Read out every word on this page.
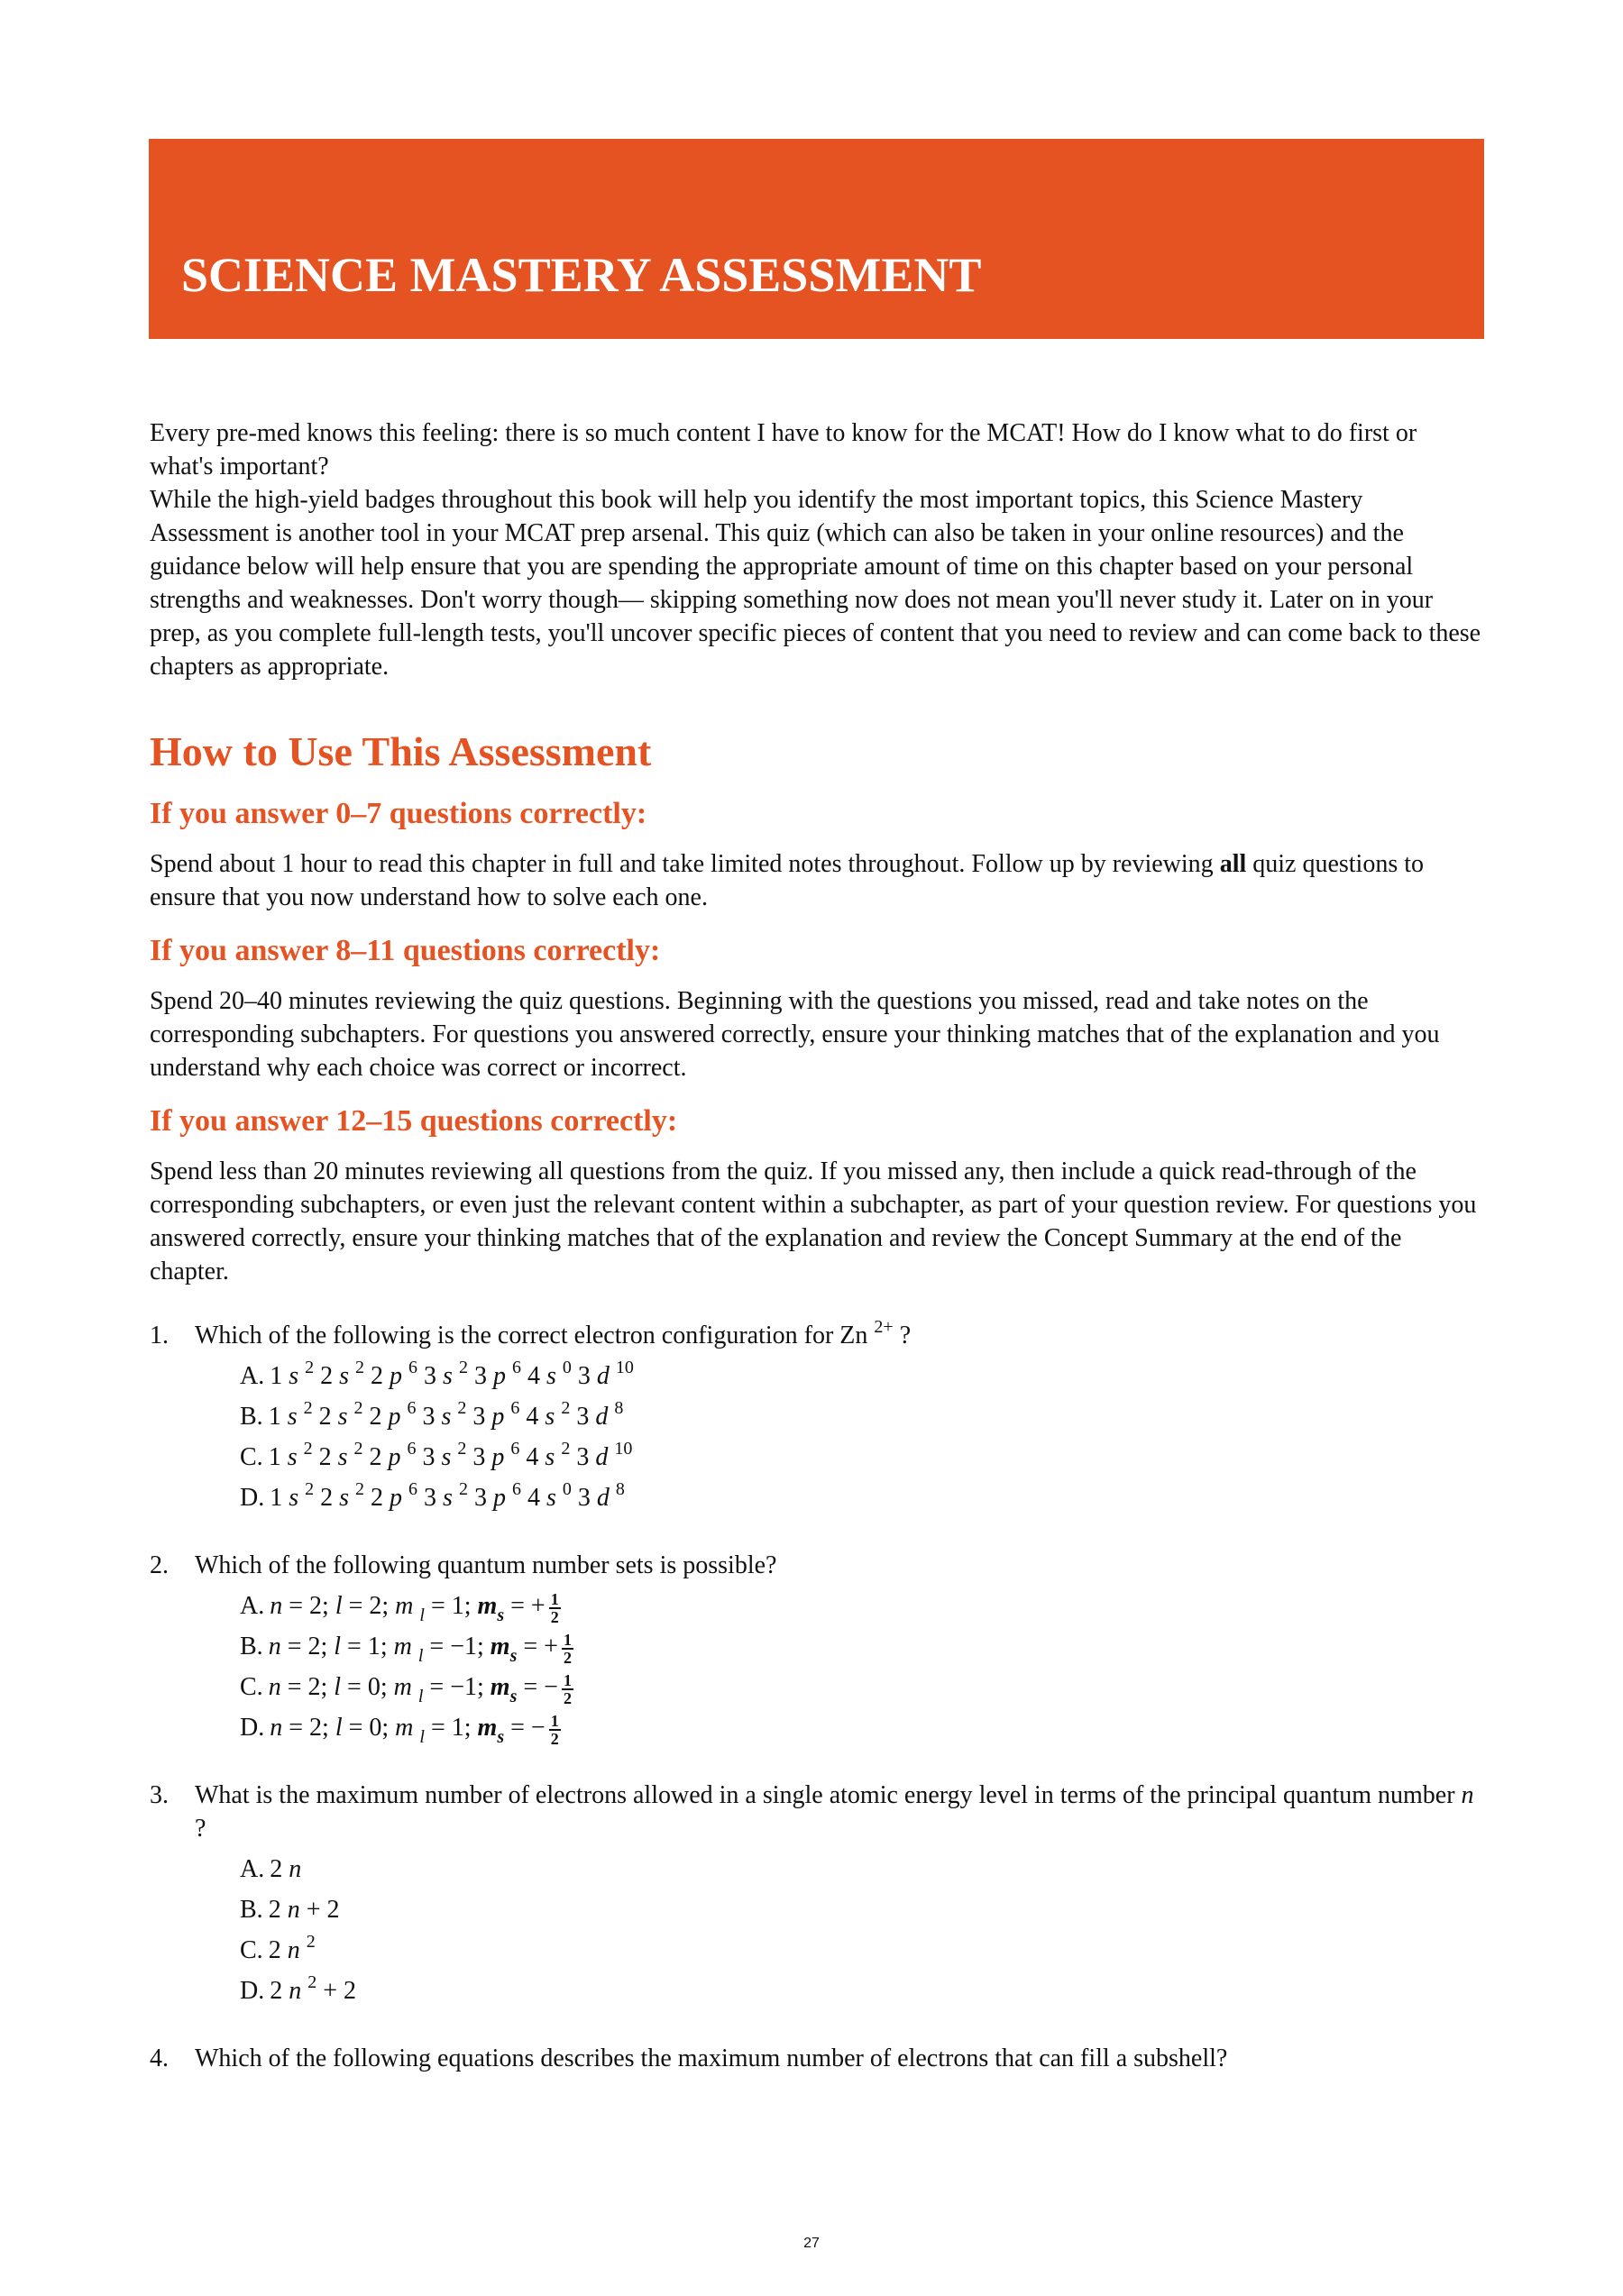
SCIENCE MASTERY ASSESSMENT

Every pre-med knows this feeling: there is so much content I have to know for the MCAT! How do I know what to do first or what's important?

While the high-yield badges throughout this book will help you identify the most important topics, this Science Mastery Assessment is another tool in your MCAT prep arsenal. This quiz (which can also be taken in your online resources) and the guidance below will help ensure that you are spending the appropriate amount of time on this chapter based on your personal strengths and weaknesses. Don't worry though— skipping something now does not mean you'll never study it. Later on in your prep, as you complete full-length tests, you'll uncover specific pieces of content that you need to review and can come back to these chapters as appropriate.

How to Use This Assessment
If you answer 0–7 questions correctly:

Spend about 1 hour to read this chapter in full and take limited notes throughout. Follow up by reviewing all quiz questions to ensure that you now understand how to solve each one.

If you answer 8–11 questions correctly:

Spend 20–40 minutes reviewing the quiz questions. Beginning with the questions you missed, read and take notes on the corresponding subchapters. For questions you answered correctly, ensure your thinking matches that of the explanation and you understand why each choice was correct or incorrect.

If you answer 12–15 questions correctly:

Spend less than 20 minutes reviewing all questions from the quiz. If you missed any, then include a quick read-through of the corresponding subchapters, or even just the relevant content within a subchapter, as part of your question review. For questions you answered correctly, ensure your thinking matches that of the explanation and review the Concept Summary at the end of the chapter.

1. Which of the following is the correct electron configuration for Zn $^{2+}$ ?
A. 1 s $^2$ 2 s $^2$ 2 p $^6$ 3 s $^2$ 3 p $^6$ 4 s $^0$ 3 d $^{10}$
B. 1 s $^2$ 2 s $^2$ 2 p $^6$ 3 s $^2$ 3 p $^6$ 4 s $^2$ 3 d $^8$
C. 1 s $^2$ 2 s $^2$ 2 p $^6$ 3 s $^2$ 3 p $^6$ 4 s $^2$ 3 d $^{10}$
D. 1 s $^2$ 2 s $^2$ 2 p $^6$ 3 s $^2$ 3 p $^6$ 4 s $^0$ 3 d $^8$
2. Which of the following quantum number sets is possible?
A. n = 2; l = 2; m $_l$ = 1; $m_s$ = + $\frac{1}{2}$
B. n = 2; l = 1; m $_l$ = −1; $m_s$ = + $\frac{1}{2}$
C. n = 2; l = 0; m $_l$ = −1; $m_s$ = − $\frac{1}{2}$
D. n = 2; l = 0; m $_l$ = 1; $m_s$ = − $\frac{1}{2}$
3. What is the maximum number of electrons allowed in a single atomic energy level in terms of the principal quantum number n ?
A. 2 n
B. 2 n + 2
C. 2 n $^2$
D. 2 n $^2$ + 2
4. Which of the following equations describes the maximum number of electrons that can fill a subshell?
27
